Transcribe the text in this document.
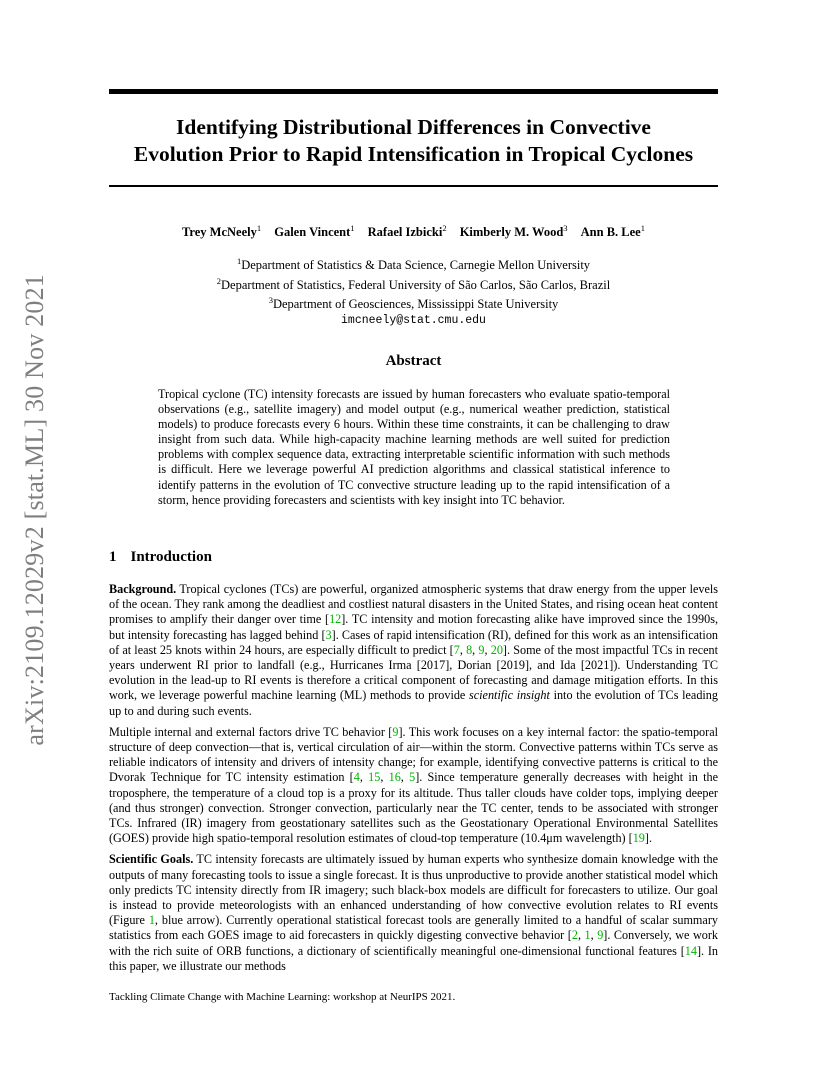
arXiv:2109.12029v2 [stat.ML] 30 Nov 2021
Identifying Distributional Differences in Convective
Evolution Prior to Rapid Intensification in Tropical Cyclones
Trey McNeely$^1$ Galen Vincent$^1$ Rafael Izbicki$^2$ Kimberly M. Wood$^3$ Ann B. Lee$^1$
$^1$Department of Statistics & Data Science, Carnegie Mellon University
$^2$Department of Statistics, Federal University of São Carlos, São Carlos, Brazil
$^3$Department of Geosciences, Mississippi State University
imcneely@stat.cmu.edu
Abstract
Tropical cyclone (TC) intensity forecasts are issued by human forecasters who evaluate spatio-temporal observations (e.g., satellite imagery) and model output (e.g., numerical weather prediction, statistical models) to produce forecasts every 6 hours. Within these time constraints, it can be challenging to draw insight from such data. While high-capacity machine learning methods are well suited for prediction problems with complex sequence data, extracting interpretable scientific information with such methods is difficult. Here we leverage powerful AI prediction algorithms and classical statistical inference to identify patterns in the evolution of TC convective structure leading up to the rapid intensification of a storm, hence providing forecasters and scientists with key insight into TC behavior.
1 Introduction

Background. Tropical cyclones (TCs) are powerful, organized atmospheric systems that draw energy from the upper levels of the ocean. They rank among the deadliest and costliest natural disasters in the United States, and rising ocean heat content promises to amplify their danger over time [12]. TC intensity and motion forecasting alike have improved since the 1990s, but intensity forecasting has lagged behind [3]. Cases of rapid intensification (RI), defined for this work as an intensification of at least 25 knots within 24 hours, are especially difficult to predict [7, 8, 9, 20]. Some of the most impactful TCs in recent years underwent RI prior to landfall (e.g., Hurricanes Irma [2017], Dorian [2019], and Ida [2021]). Understanding TC evolution in the lead-up to RI events is therefore a critical component of forecasting and damage mitigation efforts. In this work, we leverage powerful machine learning (ML) methods to provide scientific insight into the evolution of TCs leading up to and during such events.

Multiple internal and external factors drive TC behavior [9]. This work focuses on a key internal factor: the spatio-temporal structure of deep convection—that is, vertical circulation of air—within the storm. Convective patterns within TCs serve as reliable indicators of intensity and drivers of intensity change; for example, identifying convective patterns is critical to the Dvorak Technique for TC intensity estimation [4, 15, 16, 5]. Since temperature generally decreases with height in the troposphere, the temperature of a cloud top is a proxy for its altitude. Thus taller clouds have colder tops, implying deeper (and thus stronger) convection. Stronger convection, particularly near the TC center, tends to be associated with stronger TCs. Infrared (IR) imagery from geostationary satellites such as the Geostationary Operational Environmental Satellites (GOES) provide high spatio-temporal resolution estimates of cloud-top temperature (10.4μm wavelength) [19].

Scientific Goals. TC intensity forecasts are ultimately issued by human experts who synthesize domain knowledge with the outputs of many forecasting tools to issue a single forecast. It is thus unproductive to provide another statistical model which only predicts TC intensity directly from IR imagery; such black-box models are difficult for forecasters to utilize. Our goal is instead to provide meteorologists with an enhanced understanding of how convective evolution relates to RI events (Figure 1, blue arrow). Currently operational statistical forecast tools are generally limited to a handful of scalar summary statistics from each GOES image to aid forecasters in quickly digesting convective behavior [2, 1, 9]. Conversely, we work with the rich suite of ORB functions, a dictionary of scientifically meaningful one-dimensional functional features [14]. In this paper, we illustrate our methods

Tackling Climate Change with Machine Learning: workshop at NeurIPS 2021.
